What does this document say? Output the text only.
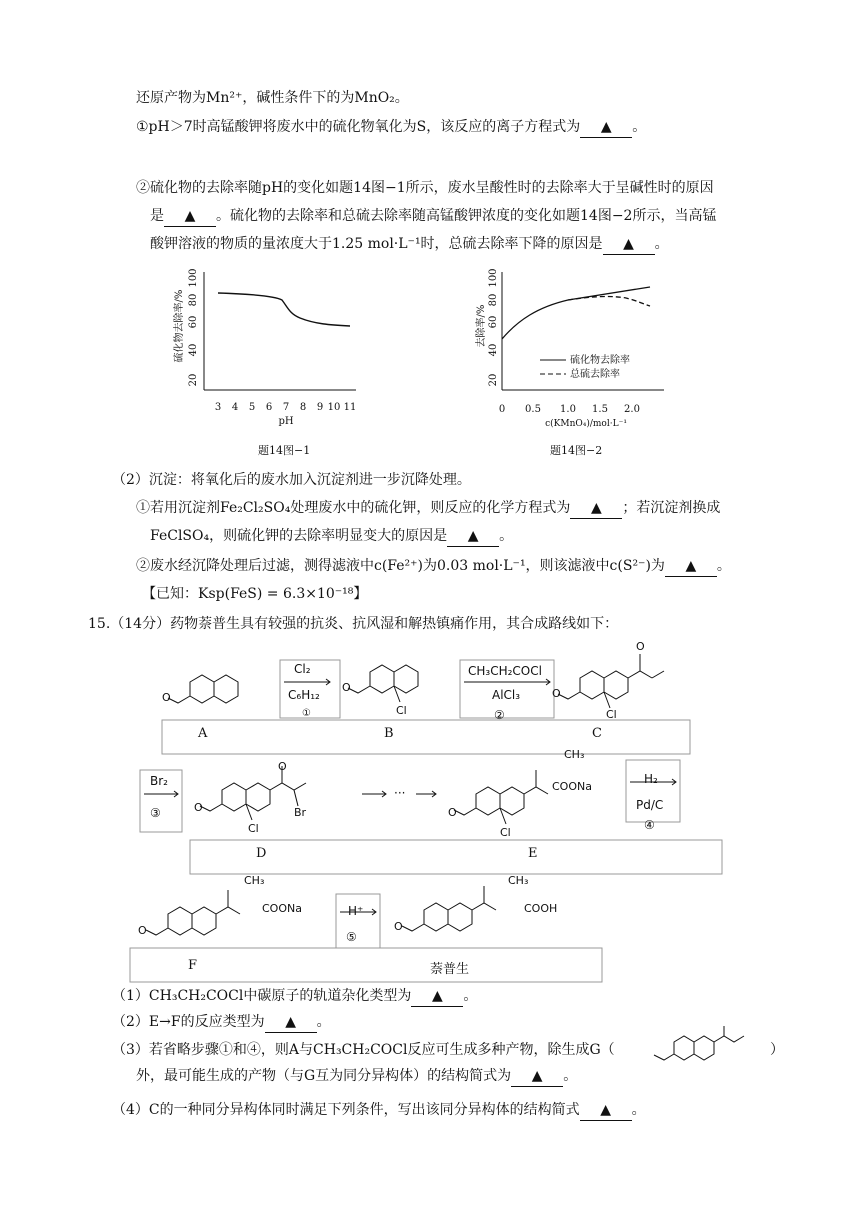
还原产物为Mn²⁺，碱性条件下的为MnO₂。
①pH＞7时高锰酸钾将废水中的硫化物氧化为S，该反应的离子方程式为 ▲ 。
②硫化物的去除率随pH的变化如题14图−1所示，废水呈酸性时的去除率大于呈碱性时的原因
是 ▲ 。硫化物的去除率和总硫去除率随高锰酸钾浓度的变化如题14图−2所示，当高锰
酸钾溶液的物质的量浓度大于1.25 mol·L⁻¹时，总硫去除率下降的原因是 ▲ 。
20
40
60
80
100
硫化物去除率/%
3 4 5 6 7 8 9 10 11
pH
题14图−1
20
40
60
80
100
去除率/%
0 0.5 1.0 1.5 2.0
c(KMnO₄)/mol·L⁻¹
硫化物去除率
总硫去除率
题14图−2
（2）沉淀：将氧化后的废水加入沉淀剂进一步沉降处理。
①若用沉淀剂Fe₂Cl₂SO₄处理废水中的硫化钾，则反应的化学方程式为 ▲ ；若沉淀剂换成
FeClSO₄，则硫化钾的去除率明显变大的原因是 ▲ 。
②废水经沉降处理后过滤，测得滤液中c(Fe²⁺)为0.03 mol·L⁻¹，则该滤液中c(S²⁻)为 ▲ 。
【已知：Ksp(FeS) = 6.3×10⁻¹⁸】
15.（14分）药物萘普生具有较强的抗炎、抗风湿和解热镇痛作用，其合成路线如下：
Cl₂
C₆H₁₂
①
CH₃CH₂COCl
AlCl₃
②
O
O
Cl
O
Cl
O
A	B	C
Br₂
③	O
Cl
O
Br
···
O
Cl
CH₃
COONa
H₂
Pd/C
④
D	E
O
CH₃
COONa	H⁺
⑤
O
CH₃
COOH
F	萘普生
（1）CH₃CH₂COCl中碳原子的轨道杂化类型为 ▲ 。
（2）E→F的反应类型为 ▲ 。
（3）若省略步骤①和④，则A与CH₃CH₂COCl反应可生成多种产物，除生成G（	）
外，最可能生成的产物（与G互为同分异构体）的结构简式为 ▲ 。
（4）C的一种同分异构体同时满足下列条件，写出该同分异构体的结构简式 ▲ 。
